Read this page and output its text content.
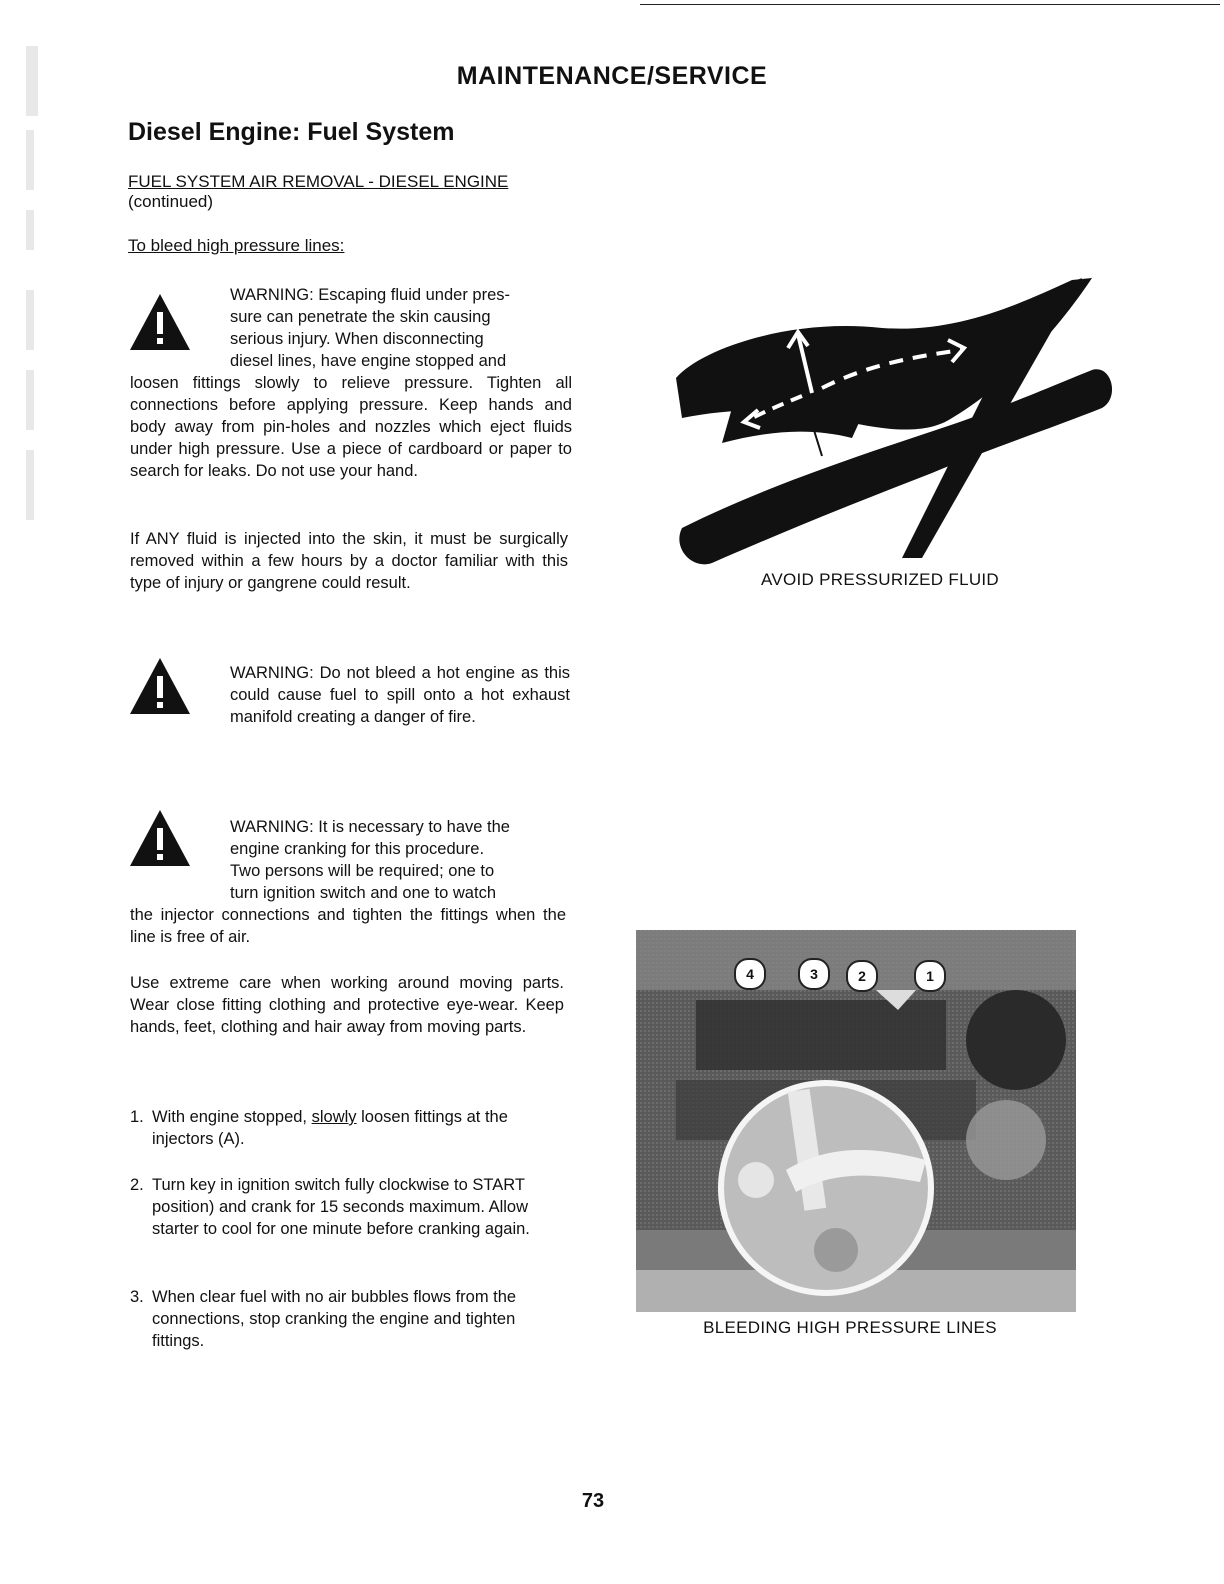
MAINTENANCE/SERVICE
Diesel Engine: Fuel System
FUEL SYSTEM AIR REMOVAL - DIESEL ENGINE
(continued)
To bleed high pressure lines:
WARNING: Escaping fluid under pres-
sure can penetrate the skin causing
serious injury. When disconnecting
diesel lines, have engine stopped and
loosen fittings slowly to relieve pressure. Tighten all connections before applying pressure. Keep hands and body away from pin-holes and nozzles which eject fluids under high pressure. Use a piece of cardboard or paper to search for leaks. Do not use your hand.
If ANY fluid is injected into the skin, it must be surgically removed within a few hours by a doctor familiar with this type of injury or gangrene could result.
WARNING: Do not bleed a hot engine as this could cause fuel to spill onto a hot exhaust manifold creating a danger of fire.
WARNING: It is necessary to have the
engine cranking for this procedure.
Two persons will be required; one to
turn ignition switch and one to watch
the injector connections and tighten the fittings when the line is free of air.
Use extreme care when working around moving parts. Wear close fitting clothing and protective eye-wear. Keep hands, feet, clothing and hair away from moving parts.
1. With engine stopped, slowly loosen fittings at the injectors (A).
2. Turn key in ignition switch fully clockwise to START position) and crank for 15 seconds maximum. Allow starter to cool for one minute before cranking again.
3. When clear fuel with no air bubbles flows from the connections, stop cranking the engine and tighten fittings.
AVOID PRESSURIZED FLUID
4	3	2	1
BLEEDING HIGH PRESSURE LINES
73
